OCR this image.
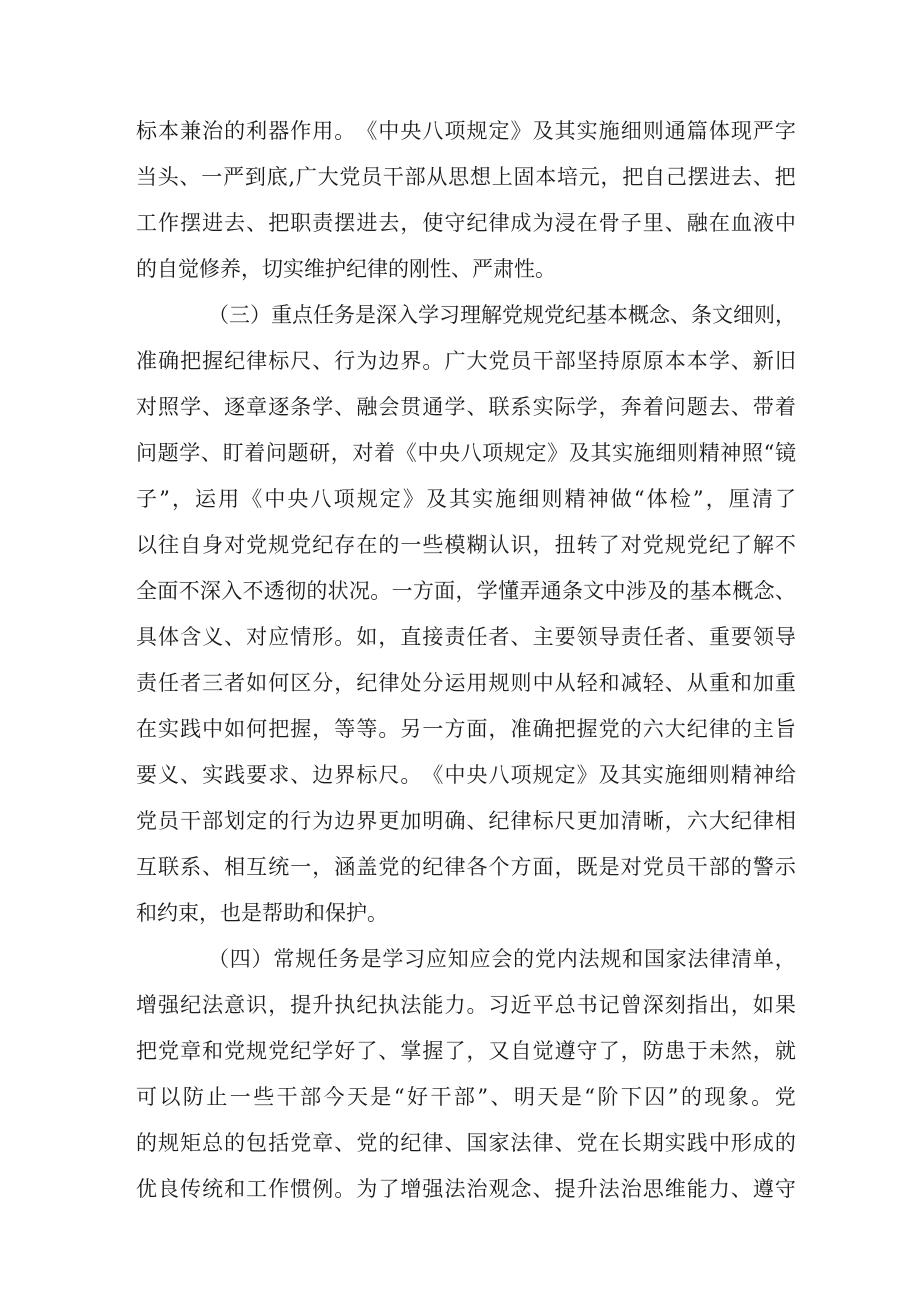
标 本 兼 治 的 利 器 作 用 。 《 中 央 八 项 规 定 》 及 其 实 施 细 则 通 篇 体 现 严 字
当 头 、 一 严 到 底 , 广 大 党 员 干 部 从 思 想 上 固 本 培 元 ， 把 自 己 摆 进 去 、 把
工 作 摆 进 去 、 把 职 责 摆 进 去 ， 使 守 纪 律 成 为 浸 在 骨 子 里 、 融 在 血 液 中
的自觉修养，切实维护纪律的刚性、严肃性。
（ 三 ） 重 点 任 务 是 深 入 学 习 理 解 党 规 党 纪 基 本 概 念 、 条 文 细 则 ，
准 确 把 握 纪 律 标 尺 、 行 为 边 界 。 广 大 党 员 干 部 坚 持 原 原 本 本 学 、 新 旧
对 照 学 、 逐 章 逐 条 学 、 融 会 贯 通 学 、 联 系 实 际 学 ， 奔 着 问 题 去 、 带 着
问 题 学 、 盯 着 问 题 研 ， 对 着 《 中 央 八 项 规 定 》 及 其 实 施 细 则 精 神 照 “ 镜
子 ” ， 运 用 《 中 央 八 项 规 定 》 及 其 实 施 细 则 精 神 做 “ 体 检 ” ， 厘 清 了
以 往 自 身 对 党 规 党 纪 存 在 的 一 些 模 糊 认 识 ， 扭 转 了 对 党 规 党 纪 了 解 不
全 面 不 深 入 不 透 彻 的 状 况 。 一 方 面 ， 学 懂 弄 通 条 文 中 涉 及 的 基 本 概 念 、
具 体 含 义 、 对 应 情 形 。 如 ， 直 接 责 任 者 、 主 要 领 导 责 任 者 、 重 要 领 导
责 任 者 三 者 如 何 区 分 ， 纪 律 处 分 运 用 规 则 中 从 轻 和 减 轻 、 从 重 和 加 重
在 实 践 中 如 何 把 握 ， 等 等 。 另 一 方 面 ， 准 确 把 握 党 的 六 大 纪 律 的 主 旨
要 义 、 实 践 要 求 、 边 界 标 尺 。 《 中 央 八 项 规 定 》 及 其 实 施 细 则 精 神 给
党 员 干 部 划 定 的 行 为 边 界 更 加 明 确 、 纪 律 标 尺 更 加 清 晰 ， 六 大 纪 律 相
互 联 系 、 相 互 统 一 ， 涵 盖 党 的 纪 律 各 个 方 面 ， 既 是 对 党 员 干 部 的 警 示
和约束，也是帮助和保护。
（ 四 ） 常 规 任 务 是 学 习 应 知 应 会 的 党 内 法 规 和 国 家 法 律 清 单 ，
增 强 纪 法 意 识 ， 提 升 执 纪 执 法 能 力 。 习 近 平 总 书 记 曾 深 刻 指 出 ， 如 果
把 党 章 和 党 规 党 纪 学 好 了 、 掌 握 了 ， 又 自 觉 遵 守 了 ， 防 患 于 未 然 ， 就
可 以 防 止 一 些 干 部 今 天 是 “ 好 干 部 ” 、 明 天 是 “ 阶 下 囚 ” 的 现 象 。 党
的 规 矩 总 的 包 括 党 章 、 党 的 纪 律 、 国 家 法 律 、 党 在 长 期 实 践 中 形 成 的
优 良 传 统 和 工 作 惯 例 。 为 了 增 强 法 治 观 念 、 提 升 法 治 思 维 能 力 、 遵 守
